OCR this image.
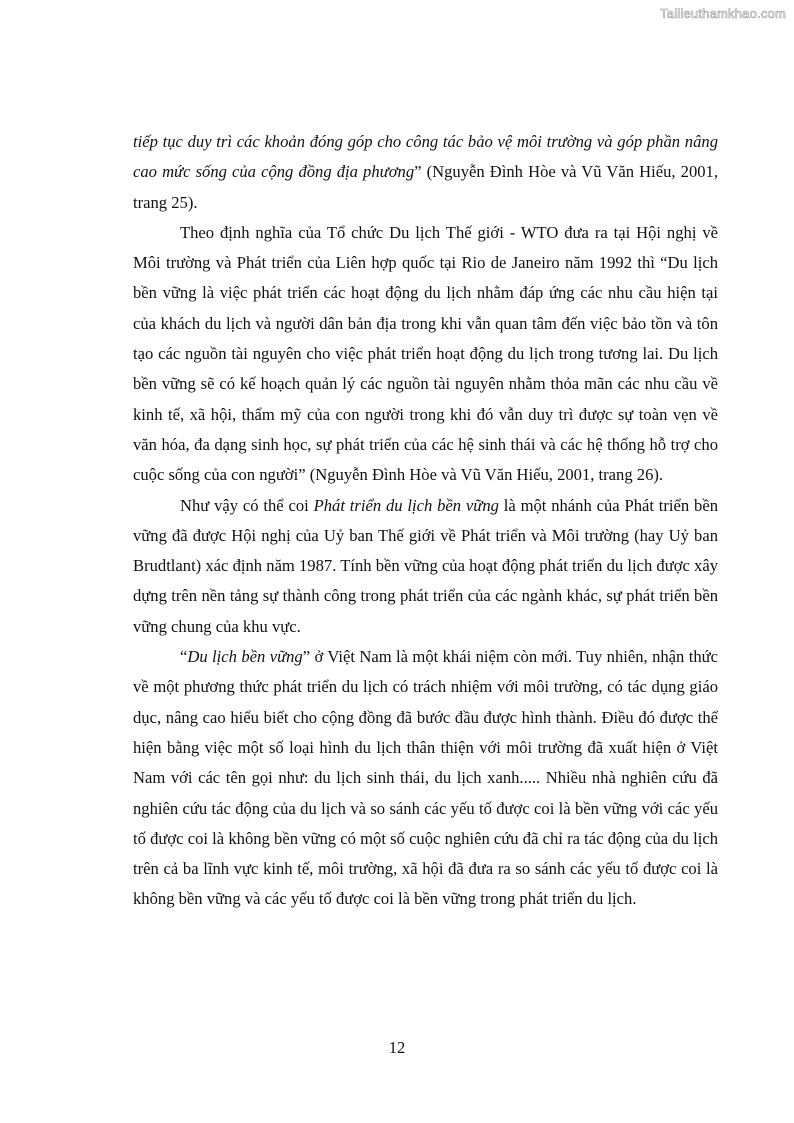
Tailieuthamkhao.com

tiếp tục duy trì các khoản đóng góp cho công tác bảo vệ môi trường và góp phần nâng cao mức sống của cộng đồng địa phương” (Nguyễn Đình Hòe và Vũ Văn Hiếu, 2001, trang 25).

Theo định nghĩa của Tổ chức Du lịch Thế giới - WTO đưa ra tại Hội nghị về Môi trường và Phát triển của Liên hợp quốc tại Rio de Janeiro năm 1992 thì “Du lịch bền vững là việc phát triển các hoạt động du lịch nhằm đáp ứng các nhu cầu hiện tại của khách du lịch và người dân bản địa trong khi vẫn quan tâm đến việc bảo tồn và tôn tạo các nguồn tài nguyên cho việc phát triển hoạt động du lịch trong tương lai. Du lịch bền vững sẽ có kế hoạch quản lý các nguồn tài nguyên nhằm thỏa mãn các nhu cầu về kinh tế, xã hội, thẩm mỹ của con người trong khi đó vẫn duy trì được sự toàn vẹn về văn hóa, đa dạng sinh học, sự phát triển của các hệ sinh thái và các hệ thống hỗ trợ cho cuộc sống của con người” (Nguyễn Đình Hòe và Vũ Văn Hiếu, 2001, trang 26).

Như vậy có thể coi Phát triển du lịch bền vững là một nhánh của Phát triển bền vững đã được Hội nghị của Uỷ ban Thế giới về Phát triển và Môi trường (hay Uỷ ban Brudtlant) xác định năm 1987. Tính bền vững của hoạt động phát triển du lịch được xây dựng trên nền tảng sự thành công trong phát triển của các ngành khác, sự phát triển bền vững chung của khu vực.

“Du lịch bền vững” ở Việt Nam là một khái niệm còn mới. Tuy nhiên, nhận thức về một phương thức phát triển du lịch có trách nhiệm với môi trường, có tác dụng giáo dục, nâng cao hiểu biết cho cộng đồng đã bước đầu được hình thành. Điều đó được thể hiện bằng việc một số loại hình du lịch thân thiện với môi trường đã xuất hiện ở Việt Nam với các tên gọi như: du lịch sinh thái, du lịch xanh..... Nhiều nhà nghiên cứu đã nghiên cứu tác động của du lịch và so sánh các yếu tố được coi là bền vững với các yếu tố được coi là không bền vững có một số cuộc nghiên cứu đã chỉ ra tác động của du lịch trên cả ba lĩnh vực kinh tế, môi trường, xã hội đã đưa ra so sánh các yếu tố được coi là không bền vững và các yếu tố được coi là bền vững trong phát triển du lịch.

12
